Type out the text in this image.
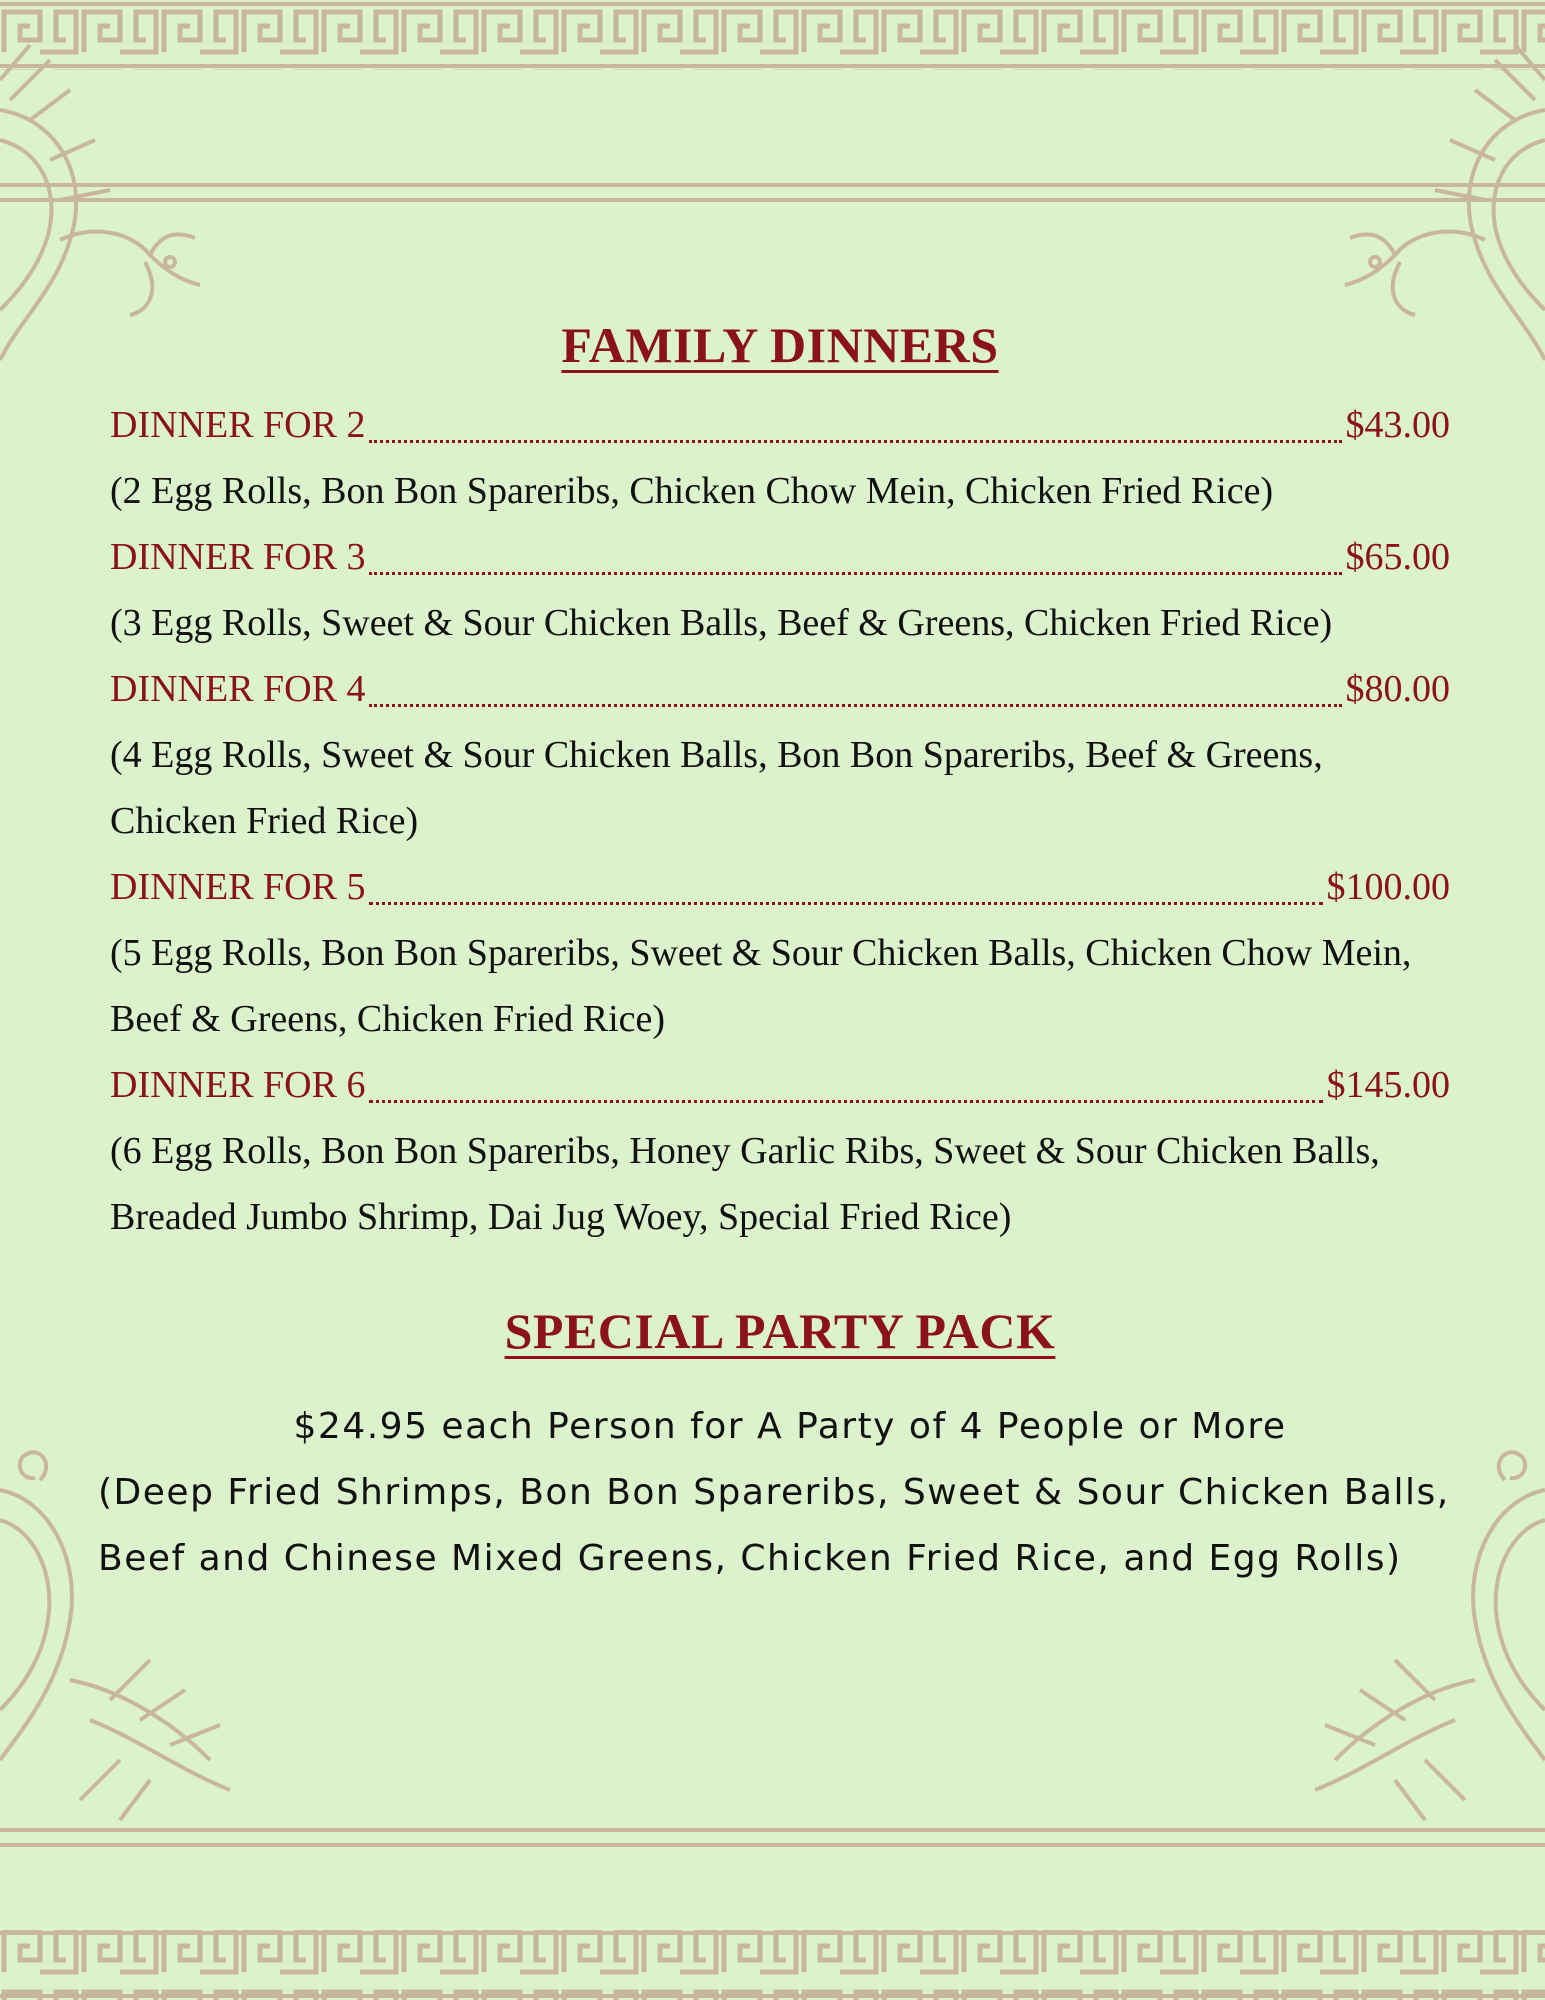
FAMILY DINNERS
DINNER FOR 2	$43.00

(2 Egg Rolls, Bon Bon Spareribs, Chicken Chow Mein, Chicken Fried Rice)

DINNER FOR 3	$65.00

(3 Egg Rolls, Sweet & Sour Chicken Balls, Beef & Greens, Chicken Fried Rice)

DINNER FOR 4	$80.00

(4 Egg Rolls, Sweet & Sour Chicken Balls, Bon Bon Spareribs, Beef & Greens, Chicken Fried Rice)

DINNER FOR 5	$100.00

(5 Egg Rolls, Bon Bon Spareribs, Sweet & Sour Chicken Balls, Chicken Chow Mein, Beef & Greens, Chicken Fried Rice)

DINNER FOR 6	$145.00

(6 Egg Rolls, Bon Bon Spareribs, Honey Garlic Ribs, Sweet & Sour Chicken Balls, Breaded Jumbo Shrimp, Dai Jug Woey, Special Fried Rice)

SPECIAL PARTY PACK
$24.95 each Person for A Party of 4 People or More

(Deep Fried Shrimps, Bon Bon Spareribs, Sweet & Sour Chicken Balls, Beef and Chinese Mixed Greens, Chicken Fried Rice, and Egg Rolls)
